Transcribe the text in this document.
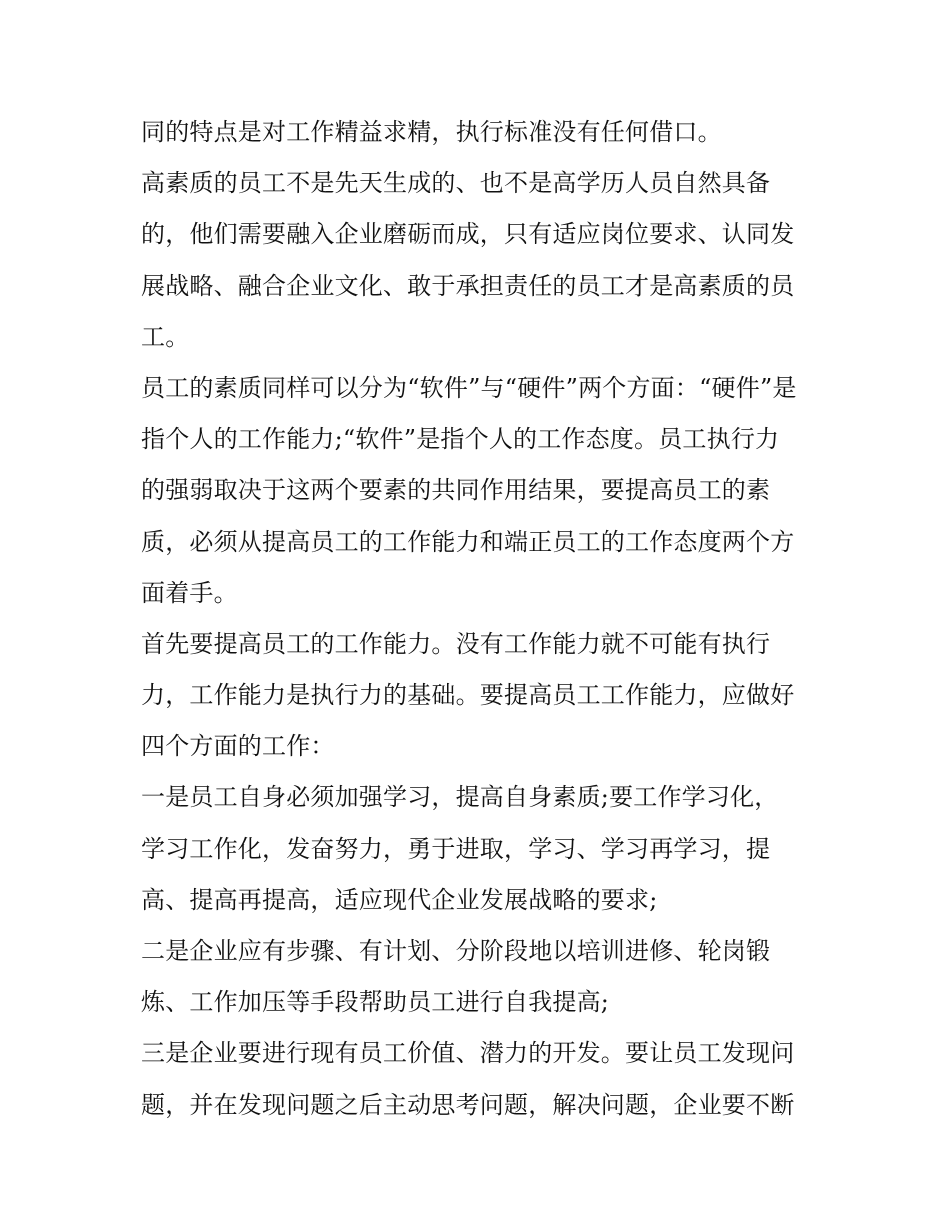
同的特点是对工作精益求精，执行标准没有任何借口。
高素质的员工不是先天生成的、也不是高学历人员自然具备
的，他们需要融入企业磨砺而成，只有适应岗位要求、认同发
展战略、融合企业文化、敢于承担责任的员工才是高素质的员
工。
员工的素质同样可以分为“软件”与“硬件”两个方面：“硬件”是
指个人的工作能力;“软件”是指个人的工作态度。员工执行力
的强弱取决于这两个要素的共同作用结果，要提高员工的素
质，必须从提高员工的工作能力和端正员工的工作态度两个方
面着手。
首先要提高员工的工作能力。没有工作能力就不可能有执行
力，工作能力是执行力的基础。要提高员工工作能力，应做好
四个方面的工作：
一是员工自身必须加强学习，提高自身素质;要工作学习化，
学习工作化，发奋努力，勇于进取，学习、学习再学习，提
高、提高再提高，适应现代企业发展战略的要求;
二是企业应有步骤、有计划、分阶段地以培训进修、轮岗锻
炼、工作加压等手段帮助员工进行自我提高;
三是企业要进行现有员工价值、潜力的开发。要让员工发现问
题，并在发现问题之后主动思考问题，解决问题，企业要不断
